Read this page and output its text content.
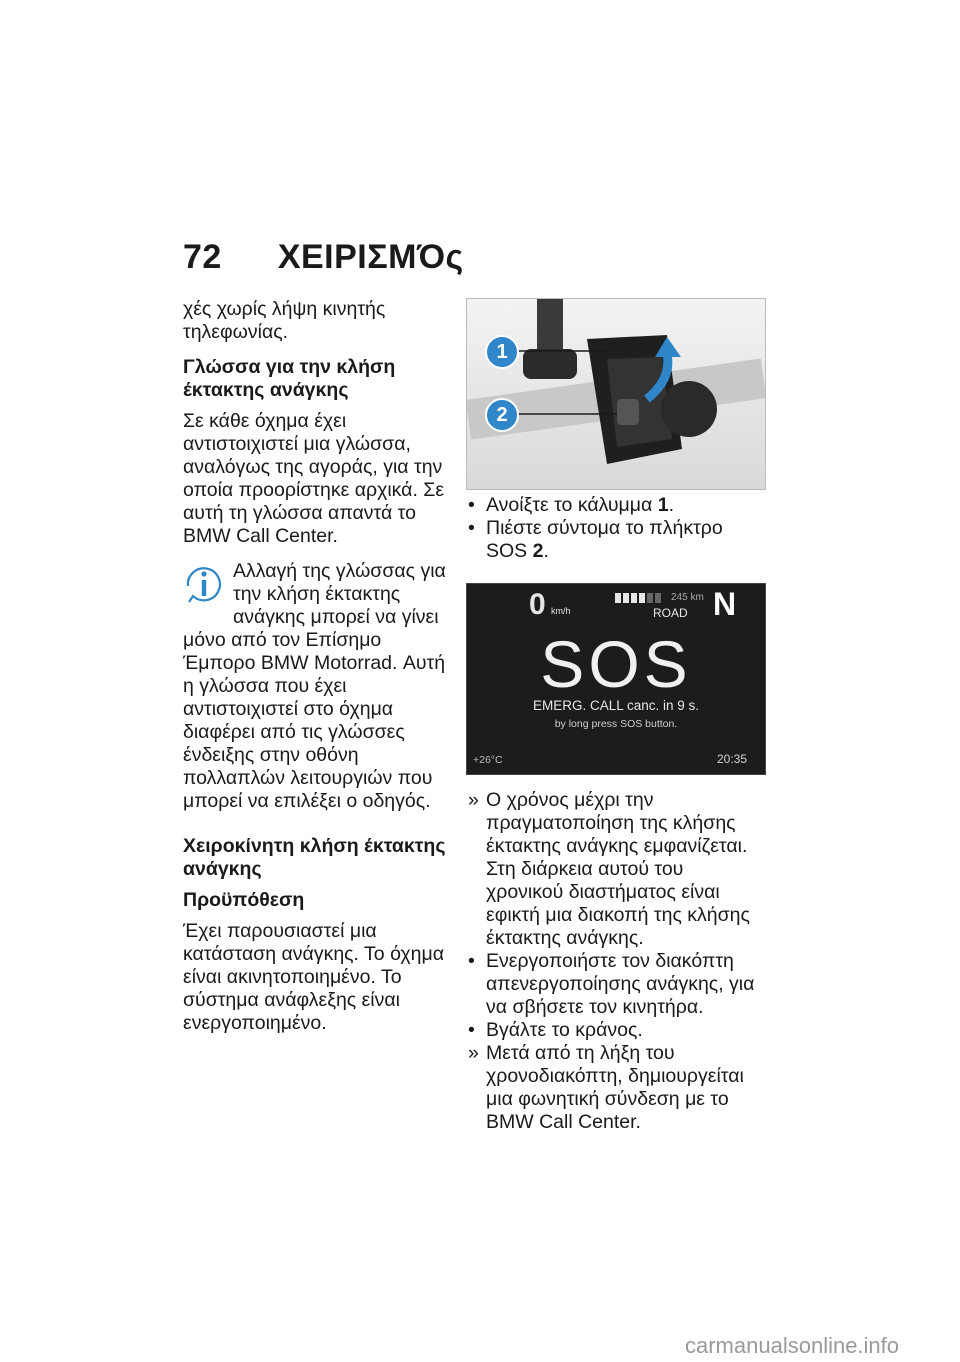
72 ΧΕΙΡΙΣΜΌς

χές χωρίς λήψη κινητής τηλεφωνίας.

Γλώσσα για την κλήση έκτακτης ανάγκης

Σε κάθε όχημα έχει αντιστοιχιστεί μια γλώσσα, αναλόγως της αγοράς, για την οποία προορίστηκε αρχικά. Σε αυτή τη γλώσσα απαντά το BMW Call Center.

Αλλαγή της γλώσσας για την κλήση έκτακτης ανάγκης μπορεί να γίνει μόνο από τον Επίσημο Έμπορο BMW Motorrad. Αυτή η γλώσσα που έχει αντιστοιχιστεί στο όχημα διαφέρει από τις γλώσσες ένδειξης στην οθόνη πολλαπλών λειτουργιών που μπορεί να επιλέξει ο οδηγός.

Χειροκίνητη κλήση έκτακτης ανάγκης

Προϋπόθεση

Έχει παρουσιαστεί μια κατάσταση ανάγκης. Το όχημα είναι ακινητοποιημένο. Το σύστημα ανάφλεξης είναι ενεργοποιημένο.

1
2
• Ανοίξτε το κάλυμμα 1.
• Πιέστε σύντομα το πλήκτρο SOS 2.
0 km/h
245 km
ROAD N
SOS
EMERG. CALL canc. in 9 s.
by long press SOS button.
+26°C	20:35
» Ο χρόνος μέχρι την πραγματοποίηση της κλήσης έκτακτης ανάγκης εμφανίζεται. Στη διάρκεια αυτού του χρονικού διαστήματος είναι εφικτή μια διακοπή της κλήσης έκτακτης ανάγκης.
• Ενεργοποιήστε τον διακόπτη απενεργοποίησης ανάγκης, για να σβήσετε τον κινητήρα.
• Βγάλτε το κράνος.
» Μετά από τη λήξη του χρονοδιακόπτη, δημιουργείται μια φωνητική σύνδεση με το BMW Call Center.
carmanualsonline.info
